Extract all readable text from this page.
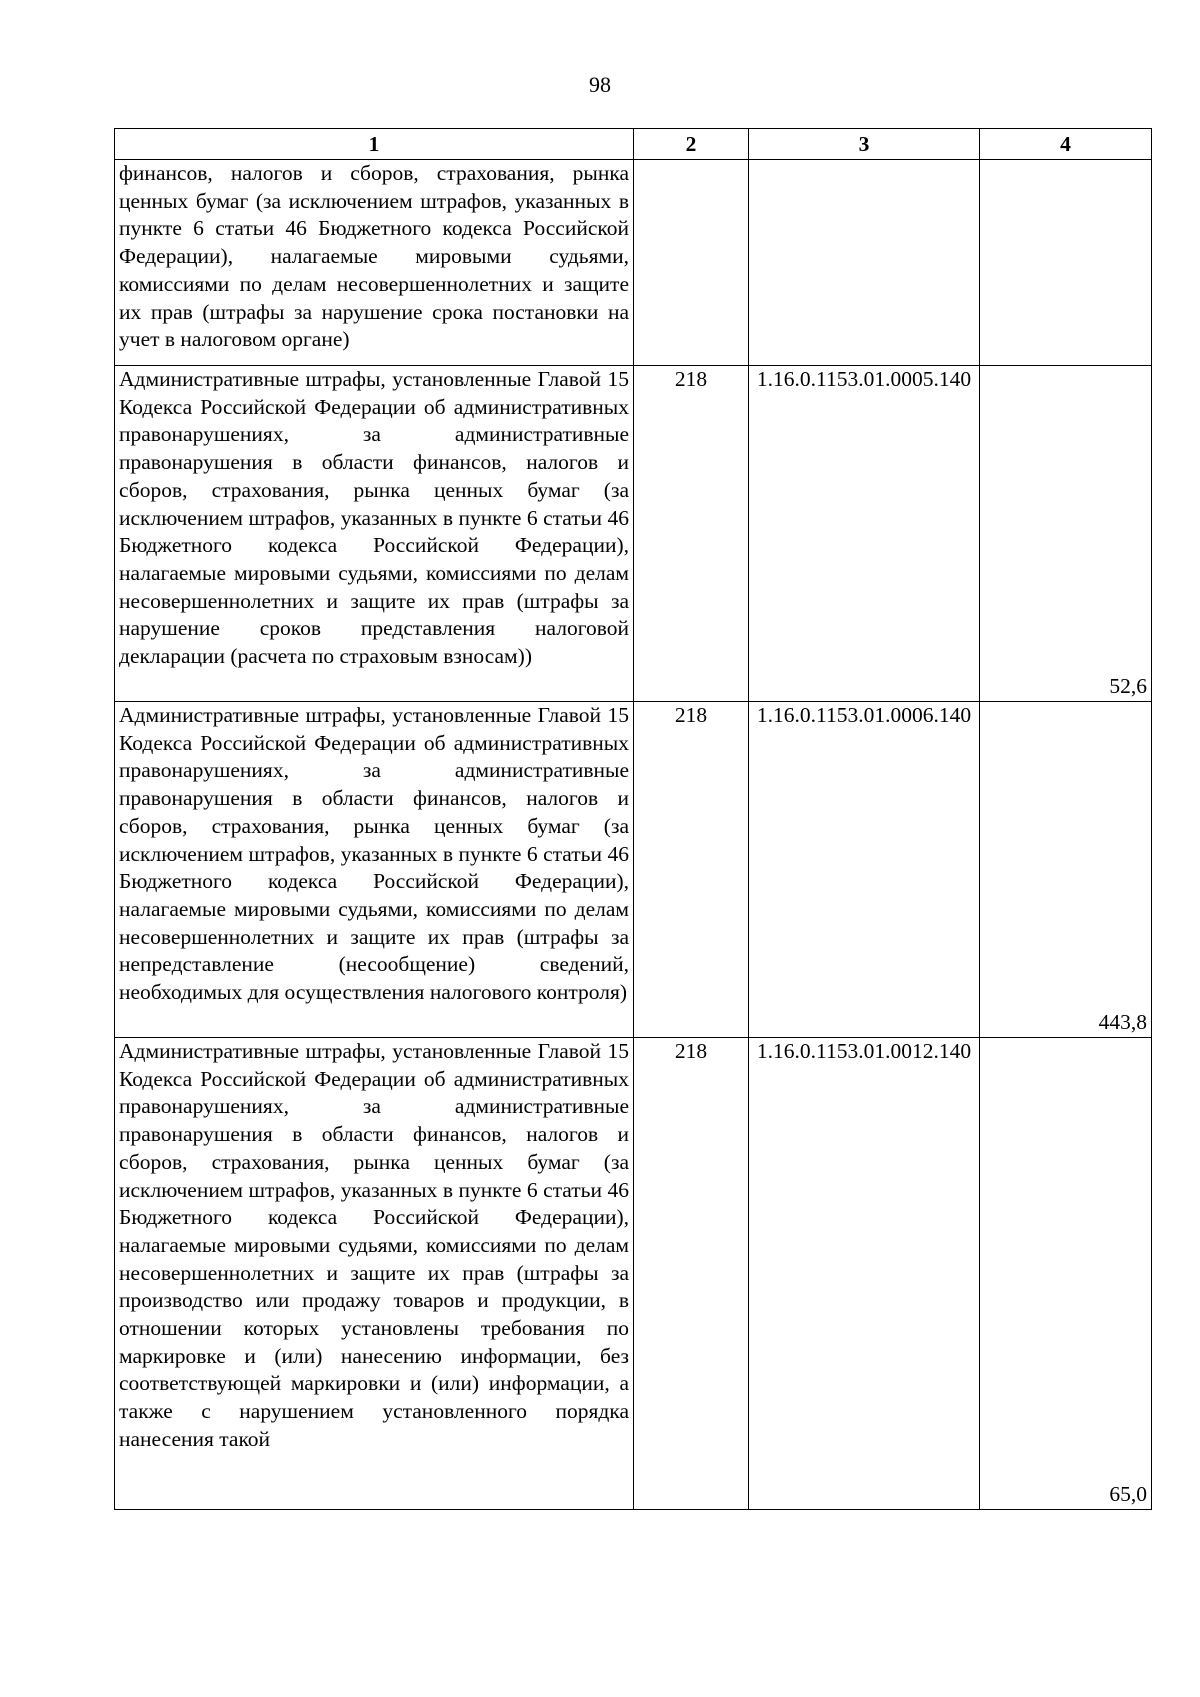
98
1	2	3	4

финансов, налогов и сборов, страхования, рынка ценных бумаг (за исключением штрафов, указанных в пункте 6 статьи 46 Бюджетного кодекса Российской Федерации), налагаемые мировыми судьями, комиссиями по делам несовершеннолетних и защите их прав (штрафы за нарушение срока постановки на учет в налоговом органе)			

Административные штрафы, установленные Главой 15 Кодекса Российской Федерации об административных правонарушениях, за административные правонарушения в области финансов, налогов и сборов, страхования, рынка ценных бумаг (за исключением штрафов, указанных в пункте 6 статьи 46 Бюджетного кодекса Российской Федерации), налагаемые мировыми судьями, комиссиями по делам несовершеннолетних и защите их прав (штрафы за нарушение сроков представления налоговой декларации (расчета по страховым взносам))	218	1.16.0.1153.01.0005.140	52,6

Административные штрафы, установленные Главой 15 Кодекса Российской Федерации об административных правонарушениях, за административные правонарушения в области финансов, налогов и сборов, страхования, рынка ценных бумаг (за исключением штрафов, указанных в пункте 6 статьи 46 Бюджетного кодекса Российской Федерации), налагаемые мировыми судьями, комиссиями по делам несовершеннолетних и защите их прав (штрафы за непредставление (несообщение) сведений, необходимых для осуществления налогового контроля)	218	1.16.0.1153.01.0006.140	443,8

Административные штрафы, установленные Главой 15 Кодекса Российской Федерации об административных правонарушениях, за административные правонарушения в области финансов, налогов и сборов, страхования, рынка ценных бумаг (за исключением штрафов, указанных в пункте 6 статьи 46 Бюджетного кодекса Российской Федерации), налагаемые мировыми судьями, комиссиями по делам несовершеннолетних и защите их прав (штрафы за производство или продажу товаров и продукции, в отношении которых установлены требования по маркировке и (или) нанесению информации, без соответствующей маркировки и (или) информации, а также с нарушением установленного порядка нанесения такой	218	1.16.0.1153.01.0012.140	65,0
